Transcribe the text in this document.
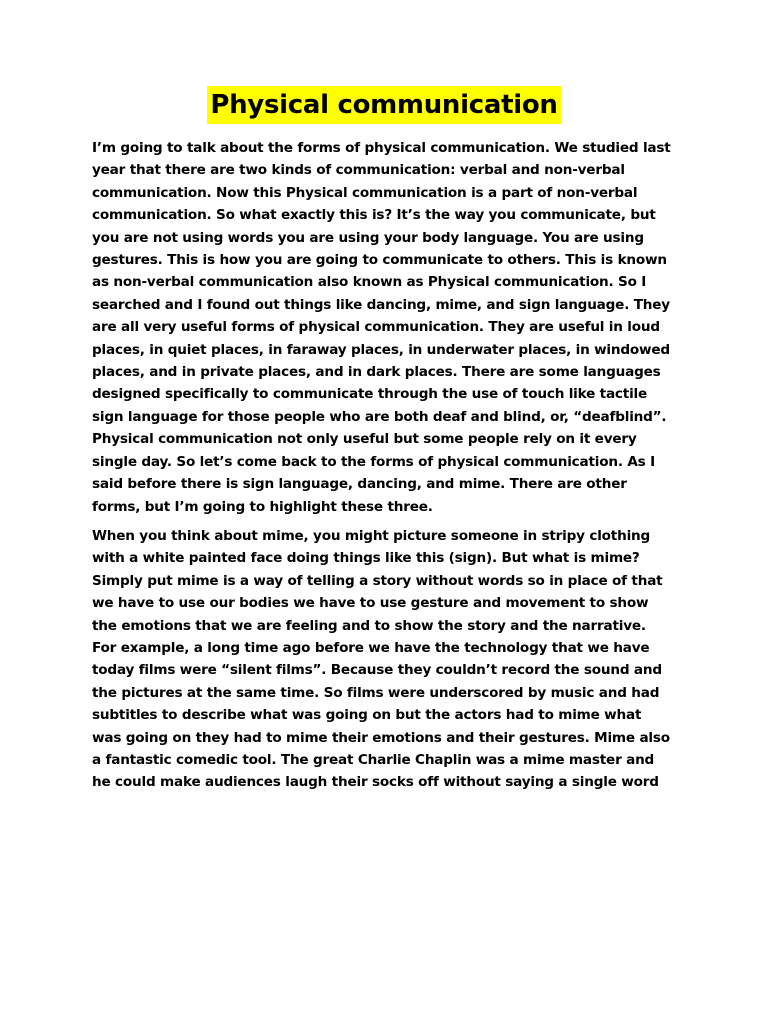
Physical communication

I’m going to talk about the forms of physical communication. We studied last year that there are two kinds of communication: verbal and non-verbal communication. Now this Physical communication is a part of non-verbal communication. So what exactly this is? It’s the way you communicate, but you are not using words you are using your body language. You are using gestures. This is how you are going to communicate to others. This is known as non-verbal communication also known as Physical communication. So I searched and I found out things like dancing, mime, and sign language. They are all very useful forms of physical communication. They are useful in loud places, in quiet places, in faraway places, in underwater places, in windowed places, and in private places, and in dark places. There are some languages designed specifically to communicate through the use of touch like tactile sign language for those people who are both deaf and blind, or, “deafblind”. Physical communication not only useful but some people rely on it every single day. So let’s come back to the forms of physical communication. As I said before there is sign language, dancing, and mime. There are other forms, but I’m going to highlight these three.

When you think about mime, you might picture someone in stripy clothing with a white painted face doing things like this (sign). But what is mime? Simply put mime is a way of telling a story without words so in place of that we have to use our bodies we have to use gesture and movement to show the emotions that we are feeling and to show the story and the narrative. For example, a long time ago before we have the technology that we have today films were “silent films”. Because they couldn’t record the sound and the pictures at the same time. So films were underscored by music and had subtitles to describe what was going on but the actors had to mime what was going on they had to mime their emotions and their gestures. Mime also a fantastic comedic tool. The great Charlie Chaplin was a mime master and he could make audiences laugh their socks off without saying a single word
